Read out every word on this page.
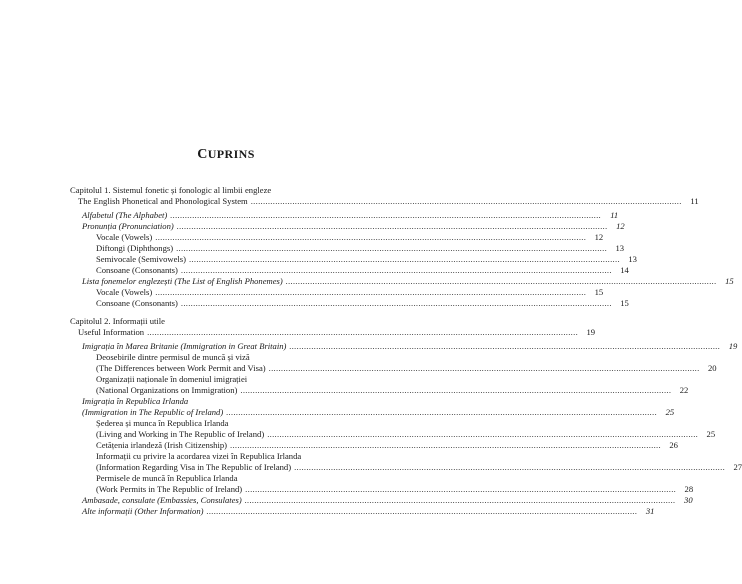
CUPRINS
Capitolul 1. Sistemul fonetic și fonologic al limbii engleze
The English Phonetical and Phonological System .....	11
Alfabetul (The Alphabet) .....	11
Pronunția (Pronunciation) .....	12
Vocale (Vowels) .....	12
Diftongi (Diphthongs) .....	13
Semivocale (Semivowels) .....	13
Consoane (Consonants) .....	14
Lista fonemelor englezești (The List of English Phonemes) .....	15
Vocale (Vowels) .....	15
Consoane (Consonants) .....	15
Capitolul 2. Informații utile
Useful Information .....	19
Imigrația în Marea Britanie (Immigration in Great Britain) .....	19
Deosebirile dintre permisul de muncă și viză
(The Differences between Work Permit and Visa) .....	20
Organizații naționale în domeniul imigrației
(National Organizations on Immigration) .....	22
Imigrația în Republica Irlanda
(Immigration in The Republic of Ireland) .....	25
Șederea și munca în Republica Irlanda
(Living and Working in The Republic of Ireland) .....	25
Cetățenia irlandeză (Irish Citizenship) .....	26
Informații cu privire la acordarea vizei în Republica Irlanda
(Information Regarding Visa in The Republic of Ireland) .....	27
Permisele de muncă în Republica Irlanda
(Work Permits in The Republic of Ireland) .....	28
Ambasade, consulate (Embassies, Consulates) .....	30
Alte informații (Other Information) .....	31
